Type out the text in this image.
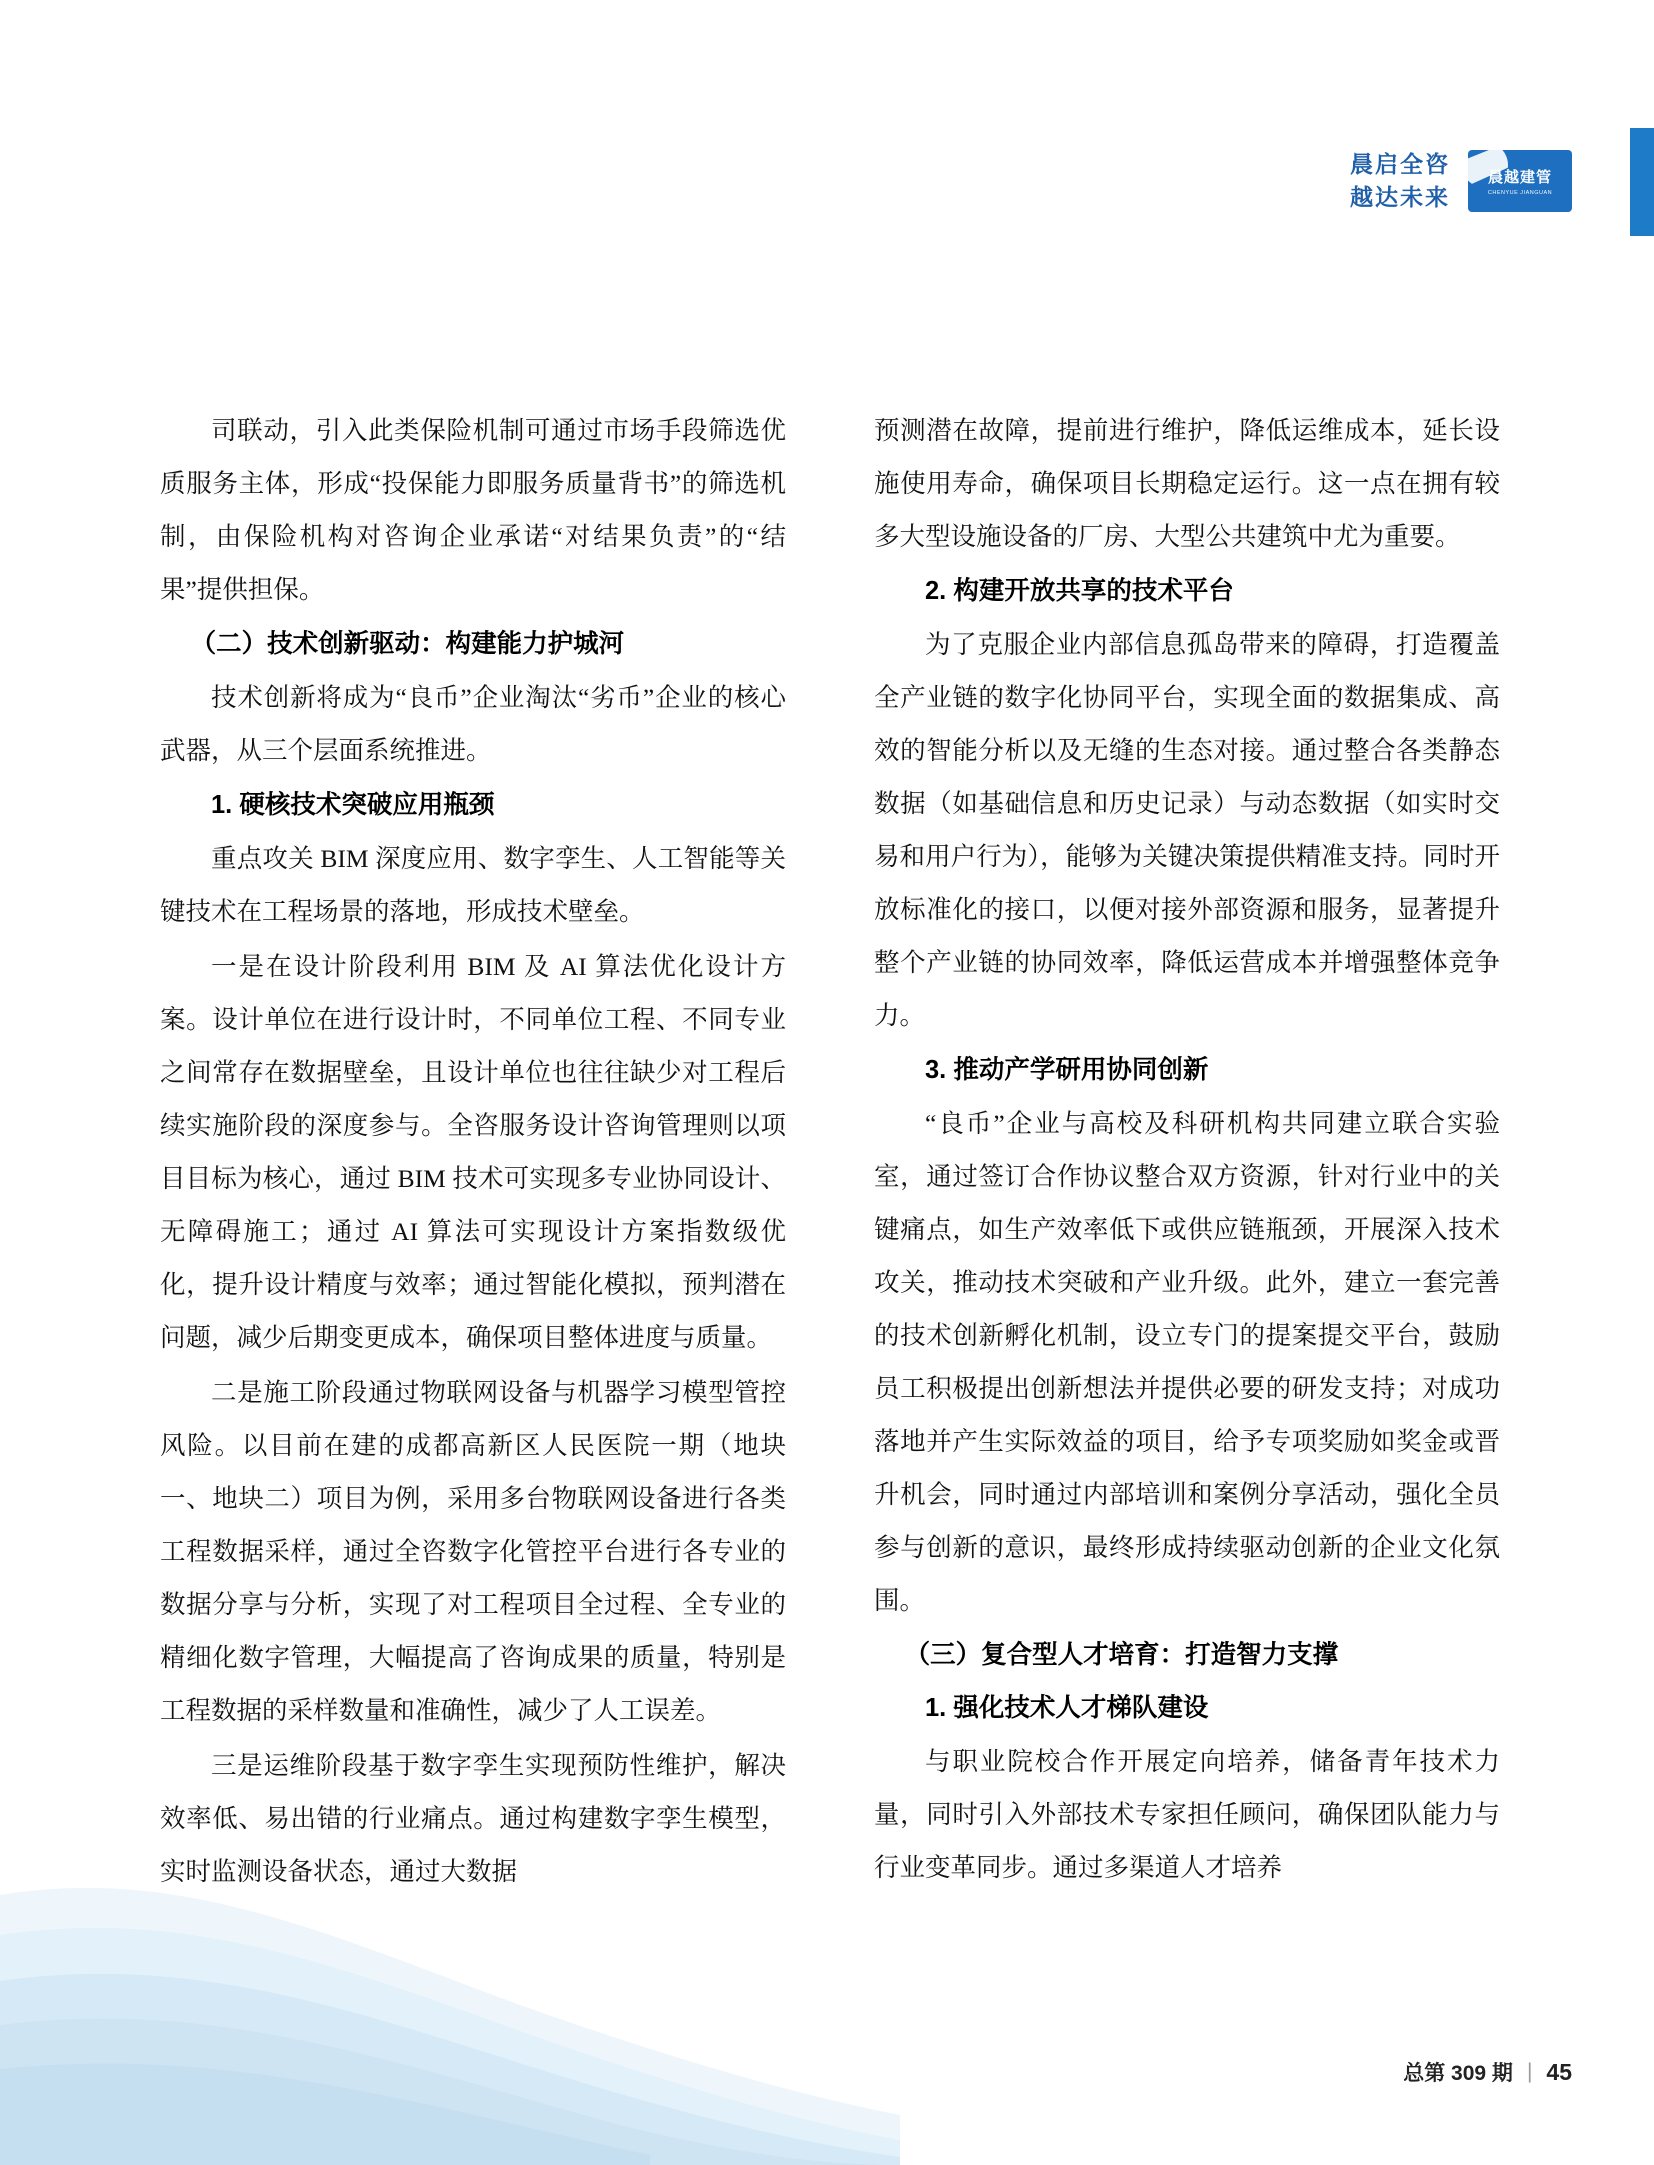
晨启全咨
越达未来
晨越建管
CHENYUE JIANGUAN

司联动，引入此类保险机制可通过市场手段筛选优质服务主体，形成“投保能力即服务质量背书”的筛选机制，由保险机构对咨询企业承诺“对结果负责”的“结果”提供担保。

（二）技术创新驱动：构建能力护城河

技术创新将成为“良币”企业淘汰“劣币”企业的核心武器，从三个层面系统推进。

1. 硬核技术突破应用瓶颈

重点攻关 BIM 深度应用、数字孪生、人工智能等关键技术在工程场景的落地，形成技术壁垒。

一是在设计阶段利用 BIM 及 AI 算法优化设计方案。设计单位在进行设计时，不同单位工程、不同专业之间常存在数据壁垒，且设计单位也往往缺少对工程后续实施阶段的深度参与。全咨服务设计咨询管理则以项目目标为核心，通过 BIM 技术可实现多专业协同设计、无障碍施工；通过 AI 算法可实现设计方案指数级优化，提升设计精度与效率；通过智能化模拟，预判潜在问题，减少后期变更成本，确保项目整体进度与质量。

二是施工阶段通过物联网设备与机器学习模型管控风险。以目前在建的成都高新区人民医院一期（地块一、地块二）项目为例，采用多台物联网设备进行各类工程数据采样，通过全咨数字化管控平台进行各专业的数据分享与分析，实现了对工程项目全过程、全专业的精细化数字管理，大幅提高了咨询成果的质量，特别是工程数据的采样数量和准确性，减少了人工误差。

三是运维阶段基于数字孪生实现预防性维护，解决效率低、易出错的行业痛点。通过构建数字孪生模型，实时监测设备状态，通过大数据

预测潜在故障，提前进行维护，降低运维成本，延长设施使用寿命，确保项目长期稳定运行。这一点在拥有较多大型设施设备的厂房、大型公共建筑中尤为重要。

2. 构建开放共享的技术平台

为了克服企业内部信息孤岛带来的障碍，打造覆盖全产业链的数字化协同平台，实现全面的数据集成、高效的智能分析以及无缝的生态对接。通过整合各类静态数据（如基础信息和历史记录）与动态数据（如实时交易和用户行为），能够为关键决策提供精准支持。同时开放标准化的接口，以便对接外部资源和服务，显著提升整个产业链的协同效率，降低运营成本并增强整体竞争力。

3. 推动产学研用协同创新

“良币”企业与高校及科研机构共同建立联合实验室，通过签订合作协议整合双方资源，针对行业中的关键痛点，如生产效率低下或供应链瓶颈，开展深入技术攻关，推动技术突破和产业升级。此外，建立一套完善的技术创新孵化机制，设立专门的提案提交平台，鼓励员工积极提出创新想法并提供必要的研发支持；对成功落地并产生实际效益的项目，给予专项奖励如奖金或晋升机会，同时通过内部培训和案例分享活动，强化全员参与创新的意识，最终形成持续驱动创新的企业文化氛围。

（三）复合型人才培育：打造智力支撑
1. 强化技术人才梯队建设

与职业院校合作开展定向培养，储备青年技术力量，同时引入外部技术专家担任顾问，确保团队能力与行业变革同步。通过多渠道人才培养

总第 309 期 | 45
